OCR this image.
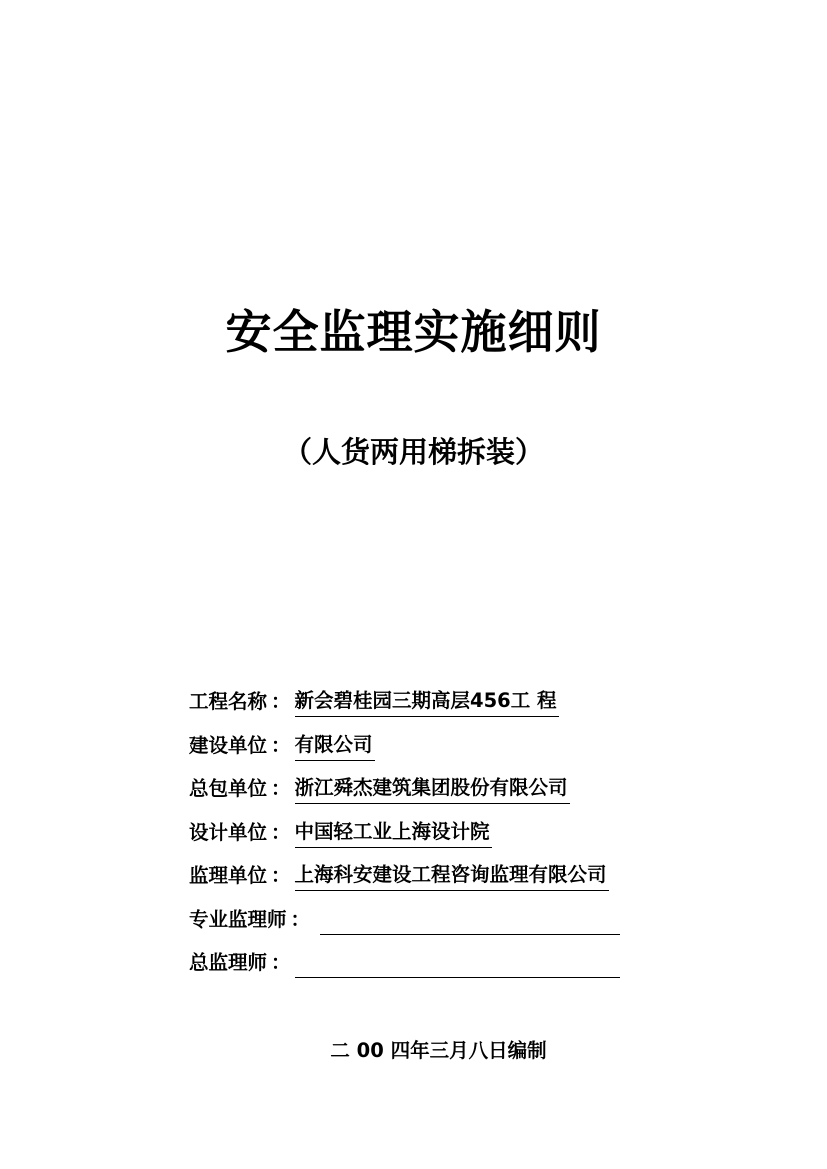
安全监理实施细则
（人货两用梯拆装）
工程名称 ： 新会碧桂园三期高层456工 程
建设单位 ： 有限公司
总包单位 ： 浙江舜杰建筑集团股份有限公司
设计单位 ： 中国轻工业上海设计院
监理单位 ： 上海科安建设工程咨询监理有限公司
专业监理师 ：
总监理师 ：
二 00 四年三月八日编制
